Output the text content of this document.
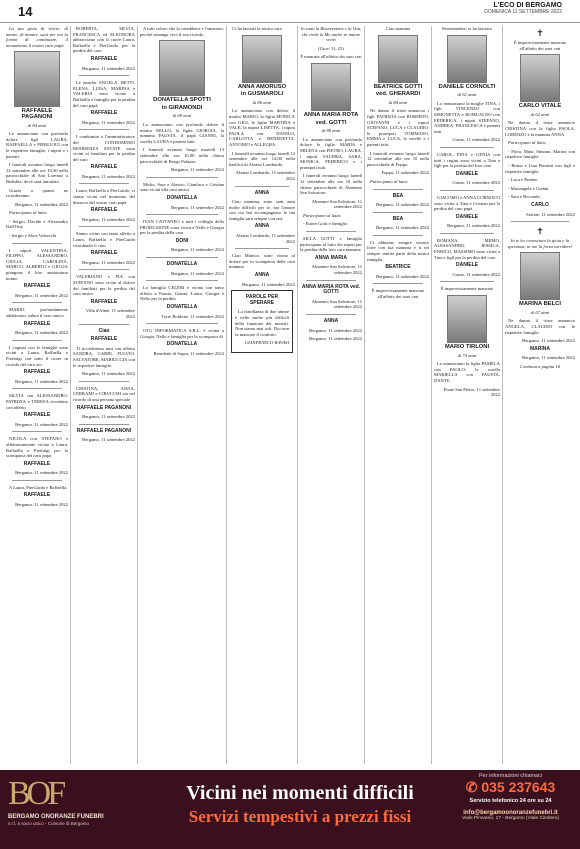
14	L'ECO DI BERGAMO
DOMENICA 11 SETTEMBRE 2022

La tua gioia di vivere, di amare, di donare, sarà per noi la forma di continuare, il monumento il nostro caro papà

RAFFAELE PAGANONI
di 84 anni

Lo annunciano con profondo dolore figli LAURA, RAFFAELLA e PIERLUIGI con le rispettive famiglie, i nipoti e i parenti.

I funerali avranno luogo lunedì 12 settembre alle ore 10,30 nella parrocchiale di San Lorenzo a Bedulita, dove sarà tumulato.

Grazie a quanti ne ricorderanno.

Bergamo, 11 settembre 2022

Partecipano al lutto:

- Sergio, Davide e Alessandro Dall'Orto

- Sergio e Alice Valsecchi

I nipoti VALENTINA, FILIPPO, ALESSANDRO, GIULIA, CAROLINA, MARCO, ALBERTO e GIULIA piangono il loro amatissimo nonno

RAFFAELE

Bergamo, 11 settembre 2022

MARIO, profondamente addolorato, saluta il caro amico

RAFFAELE

Bergamo, 11 settembre 2022

I cognati con le famiglie sono vicini a Laura, Raffaella e Pierluigi con tutto il cuore in ricordo del caro zio

RAFFAELE

Bergamo, 11 settembre 2022

SILVIA con ALESSANDRO, PATRIZIA e TERESA ricordano con affetto

RAFFAELE

Bergamo, 11 settembre 2022

NICOLA con STEFANO e affettuosamente vicino a Laura, Raffaella e Pierluigi per la scomparsa del caro papà

RAFFAELE

Bergamo, 11 settembre 2022

A Laura, PierGuido e Raffaella.

RAFFAELE

Bergamo, 11 settembre 2022

ROBERTA, SILVIA, FRANCESCA ed ELEONORA abbracciano con il cuore Laura, Raffaella e PierGuido per la perdita del caro

RAFFAELE

Bergamo, 11 settembre 2022

Le amiche ANGELA, BETTI, ELENA, LUISA, MARINA e VALERIA sono vicine a Raffaella e famiglia per la perdita del caro papà

RAFFAELE

Bergamo, 11 settembre 2022

I condomini e l'amministratore del CONDOMINIO RESIDENZA ESTATE sono vicini ai familiari per la perdita del caro

RAFFAELE

Bergamo, 11 settembre 2022

Laura, Raffaella e PierGuido, vi siamo vicini nel momento del distacco del vostro caro papà

RAFFAELE

Bergamo, 11 settembre 2022

Siamo vicini con tanto affetto a Laura, Raffaella e PierGuido ricordando il caro

RAFFAELE

Bergamo, 11 settembre 2022

VALERIANO e PIA con STEFANO sono vicini al dolore dei familiari per la perdita del caro amico

RAFFAELE

Villa d'Almè, 11 settembre 2022

Ciao
RAFFAELE

Ti ricorderemo tutti con affetto SANDRA, GABRI, FULVIO, SALVATORE, MARIUCCIA con le rispettive famiglie.

Bergamo, 11 settembre 2022

CRISTINA, ANNA, CERRAMI e CIRUCCHI zia nel ricordo di una persona speciale

RAFFAELE PAGANONI

Bergamo, 11 settembre 2022

RAFFAELE PAGANONI

Bergamo, 11 settembre 2022

A tutti coloro che la conobbero e l'amarono, perché rimanga vivo il suo ricordo.

DONATELLA SPOTTI
in GIRAMONDI
di 69 anni

Lo annunciano con profondo dolore il marito NELLO, la figlia GIORGIA, la mamma FAUSTA, il papà GIANNI, la sorella LAURA e parenti tutti.

I funerali avranno luogo martedì 13 settembre alle ore 10,00 nella chiesa parrocchiale di Borgo Palazzo.

Bergamo, 11 settembre 2022

Mirko, Sara e Alessio, Gianluca e Cristina sono vicini alla cara amica

DONATELLA

Bergamo, 11 settembre 2022

IVAN CATTANEO e tutti i colleghi della PRODUZIONE sono vicini a Nello e Giorgia per la perdita della cara

DONI

Bergamo, 11 settembre 2022

DONATELLA

Bergamo, 11 settembre 2022

La famiglia CELERI è vicina con tanto affetto a Fausta, Gianni, Laura, Giorgia e Nello per la perdita

DONATELLA

Torre Boldone, 11 settembre 2022

OTG INFORMATICA S.R.L. è vicina a Giorgia, Nello e famiglia per la scomparsa di

DONATELLA

Brembate di Sopra, 11 settembre 2022

Ci ha lasciati la nostra cara

ANNA AMORUSO
in GUSMAROLI
di 86 anni

Lo annunciano con dolore il marito MARIO, la figlia MONICA con GIGI, le figlie MARTINA e VALE, la nipote LISETTA, i nipoti PAOLA con DANILO, CARLOTTA e BENEDETTA, ANTONIO e ALLEGRA.

I funerali avranno luogo lunedì 12 settembre alle ore 14,00 nella basilica di Alzano Lombardo.

Alzano Lombardo, 11 settembre 2022

ANNA

Ciao mamma, sono stati anni molto difficili per te, ma l'amore con cui hai accompagnato la tua famiglia sarà sempre con noi.

ANNA

Alzano Lombardo, 11 settembre 2022

Ciao Monica, sono vicina al dolore per la scomparsa della cara mamma

ANNA

Bergamo, 11 settembre 2022

PAROLE PER SPERARE

La fratellanza di due anime è nelle molte più difficili della funzione dei mortali. Non siamo mai soli, Dio non fa mancare il conforto.

GIANFRANCO RAVASI

Io sono la Risurrezione e la Vita, chi crede in Me anche se muore vivrà

(Giov. 11, 25)

È mancata all'affetto dei suoi cari

ANNA MARIA ROTA
ved. GOTTI
di 88 anni

Lo annunciano con profondo dolore le figlie MARIA e MILENA con PIETRO, LAURA, i nipoti VALERIA, SARA, MONICA, FEDERICO e i pronipoti tutti.

I funerali avranno luogo lunedì 12 settembre alle ore 10 nella chiesa parrocchiale di Almenno San Salvatore.

Almenno San Salvatore, 11 settembre 2022

Partecipano al lutto:

- Ettore Gotti e famiglia

SILLA GOTTI e famiglia partecipano al lutto dei nipoti per la perdita della loro cara mamma

ANNA MARIA

Almenno San Salvatore, 11 settembre 2022

ANNA MARIA ROTA ved. GOTTI

Almenno San Salvatore, 11 settembre 2022

ANNA

Bergamo, 11 settembre 2022

Bergamo, 11 settembre 2022

Ciao mamma

BEATRICE GOTTI
ved. GHERARDI
di 84 anni

Ne danno il triste annuncio i figli PATRIZIA con ROBERTO, GIOVANNI e i nipoti STEFANO, LUCA e CLAUDIO, le pronipoti TOMMASO, EMMA e LUCA, le sorelle e i parenti tutti.

I funerali avranno luogo lunedì 12 settembre alle ore 10 nella parrocchiale di Foppa.

Foppa, 11 settembre 2022

Partecipano al lutto:

BEA

Bergamo, 11 settembre 2022

BEA

Bergamo, 11 settembre 2022

Ci abbiamo sempre vissuto forte con tua mamma e ti sei sempre sentita parte della nostra famiglia.

BEATRICE

Bergamo, 11 settembre 2022

È improvvisamente mancato all'affetto dei suoi cari

Serenamente, ci ha lasciato

DANIELE CORNOLTI
di 61 anni

Lo annunciano la moglie TINA, i figli VINCENZO con SIMONETTA e ROMUALDO con FEDERICA, i nipoti STEFANO, ANDREA, FRANCESCA e parenti tutti.

Curno, 11 settembre 2022

CAROL, PINA e GENIA con tutti i cugini sono vicini a Tina e figli per la perdita del loro caro

DANIELE

Curno, 11 settembre 2022

GIACOMO e ANNA CORNOLTI sono vicini a Tina e Cristian per la perdita del caro papà

DANIELE

Bergamo, 11 settembre 2022

ROMANA, MEMO, ALESSANDRO, JESSICA, ENRICO, MASSIMO sono vicini a Tina e figli per la perdita del caro

DANIELE

Curno, 11 settembre 2022

È improvvisamente mancato

MARIO TIRLONI
di 74 anni

Lo annunciano la figlia PAMELA con PAOLO, la sorella MARIELLA con FAUSTA, DANTE.

Ponte San Pietro, 11 settembre 2022

✝

È improvvisamente mancato all'affetto dei suoi cari

CARLO VITALE
di 62 anni

Ne danno il triste annuncio CRISTINA con la figlia PAOLA, LORENZO e la mamma ANNA.

Partecipano al lutto:

- Flora, Mina, Simona, Marino con rispettive famiglie

- Bruno e Lina Pentasti con figli e rispettive famiglie

- Luca e Romeo

- Mariangela e Gianni

- Sara e Riccardo

CARLO

Seriate, 11 settembre 2022

✝

In te ho conosciuto la gioia e la speranza; in noi la forza sorridere!

MARINA BELCI
di 67 anni

Ne danno il triste annuncio ANGELA, CLAUDIO con le rispettive famiglie.

Bergamo, 11 settembre 2022

MARINA

Bergamo, 11 settembre 2022

Continua a pagina 16

BOF
BERGAMO ONORANZE FUNEBRI
s.r.l. a socio unico - Comune di Bergamo
Vicini nei momenti difficili
Servizi tempestivi a prezzi fissi
Per informazioni chiamaci
✆ 035 237643
Servizio telefonico 24 ore su 24
info@bergamoonoranzefunebri.it
Viale Pirovano, 17 - Bergamo (Viale Cimitero)
